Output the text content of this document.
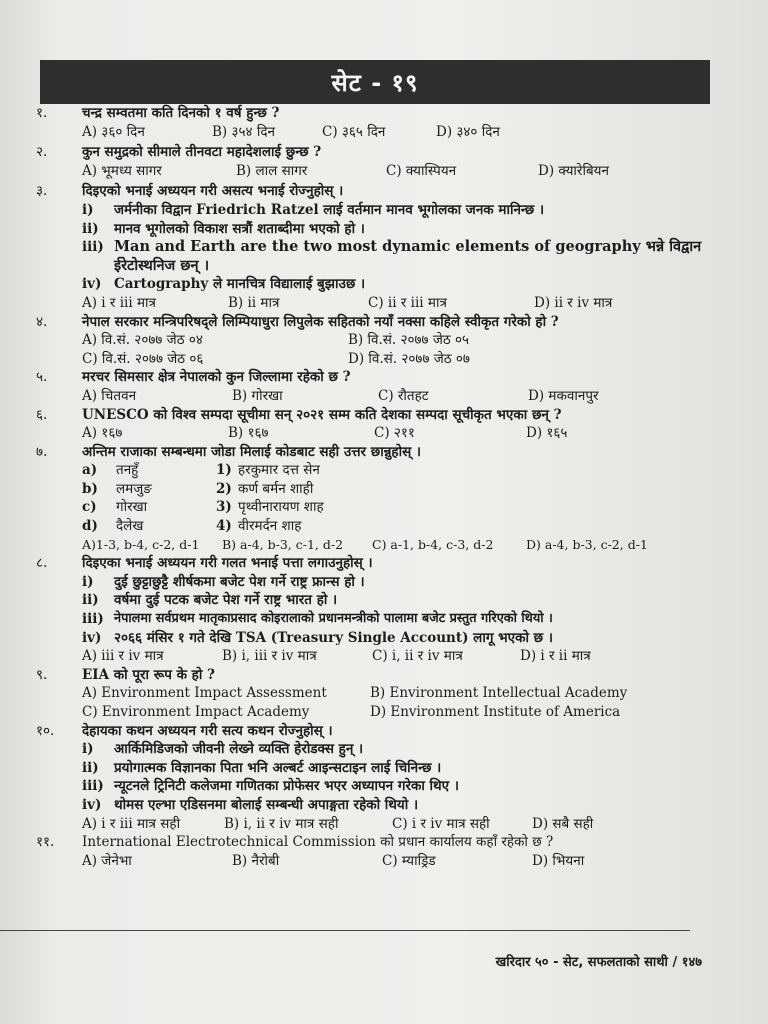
सेट - १९
१.	चन्द्र सम्वतमा कति दिनको १ वर्ष हुन्छ ?
A) ३६० दिन	B) ३५४ दिन	C) ३६५ दिन	D) ३४० दिन
२.	कुन समुद्रको सीमाले तीनवटा महादेशलाई छुन्छ ?
A) भूमध्य सागर	B) लाल सागर	C) क्यास्पियन	D) क्यारेबियन
३.	दिइएको भनाई अध्ययन गरी असत्य भनाई रोज्नुहोस् ।
i)	जर्मनीका विद्वान Friedrich Ratzel लाई वर्तमान मानव भूगोलका जनक मानिन्छ ।
ii)	मानव भूगोलको विकाश सत्रौं शताब्दीमा भएको हो ।
iii) Man and Earth are the two most dynamic elements of geography भन्ने विद्वान ईरेटोस्थनिज छन् ।
iv) Cartography ले मानचित्र विद्यालाई बुझाउछ ।
A) i र iii मात्र	B) ii मात्र	C) ii र iii मात्र	D) ii र iv मात्र
४.	नेपाल सरकार मन्त्रिपरिषद्ले लिम्पियाधुरा लिपुलेक सहितको नयाँ नक्सा कहिले स्वीकृत गरेको हो ?
A) वि.सं. २०७७ जेठ ०४	B) वि.सं. २०७७ जेठ ०५
C) वि.सं. २०७७ जेठ ०६	D) वि.सं. २०७७ जेठ ०७
५.	मरचर सिमसार क्षेत्र नेपालको कुन जिल्लामा रहेको छ ?
A) चितवन	B) गोरखा	C) रौतहट	D) मकवानपुर
६.	UNESCO को विश्व सम्पदा सूचीमा सन् २०२१ सम्म कति देशका सम्पदा सूचीकृत भएका छन् ?
A) १६७	B) १६७	C) २११	D) १६५
७.	अन्तिम राजाका सम्बन्धमा जोडा मिलाई कोडबाट सही उत्तर छान्नुहोस् ।
a)	तनहुँ	1) हरकुमार दत्त सेन
b)	लमजुङ	2) कर्ण बर्मन शाही
c)	गोरखा	3) पृथ्वीनारायण शाह
d)	दैलेख	4) वीरमर्दन शाह
A)1-3, b-4, c-2, d-1	B) a-4, b-3, c-1, d-2	C) a-1, b-4, c-3, d-2	D) a-4, b-3, c-2, d-1
८.	दिइएका भनाई अध्ययन गरी गलत भनाई पत्ता लगाउनुहोस् ।
i)	दुई छुट्टाछुट्टै शीर्षकमा बजेट पेश गर्ने राष्ट्र फ्रान्स हो ।
ii)	वर्षमा दुई पटक बजेट पेश गर्ने राष्ट्र भारत हो ।
iii) नेपालमा सर्वप्रथम मातृकाप्रसाद कोइरालाको प्रधानमन्त्रीको पालामा बजेट प्रस्तुत गरिएको थियो ।
iv) २०६६ मंसिर १ गते देखि TSA (Treasury Single Account) लागू भएको छ ।
A) iii र iv मात्र	B) i, iii र iv मात्र	C) i, ii र iv मात्र	D) i र ii मात्र
९.	EIA को पूरा रूप के हो ?
A) Environment Impact Assessment	B) Environment Intellectual Academy
C) Environment Impact Academy	D) Environment Institute of America
१०.	देहायका कथन अध्ययन गरी सत्य कथन रोज्नुहोस् ।
i)	आर्किमिडिजको जीवनी लेख्ने व्यक्ति हेरोडक्स हुन् ।
ii)	प्रयोगात्मक विज्ञानका पिता भनि अल्बर्ट आइन्सटाइन लाई चिनिन्छ ।
iii) न्यूटनले ट्रिनिटी कलेजमा गणितका प्रोफेसर भएर अध्यापन गरेका थिए ।
iv) थोमस एल्भा एडिसनमा बोलाई सम्बन्धी अपाङ्गता रहेको थियो ।
A) i र iii मात्र सही	B) i, ii र iv मात्र सही	C) i र iv मात्र सही	D) सबै सही
११.	International Electrotechnical Commission को प्रधान कार्यालय कहाँ रहेको छ ?
A) जेनेभा	B) नैरोबी	C) म्याड्रिड	D) भियना
खरिदार ५० - सेट, सफलताको साथी / १४७
